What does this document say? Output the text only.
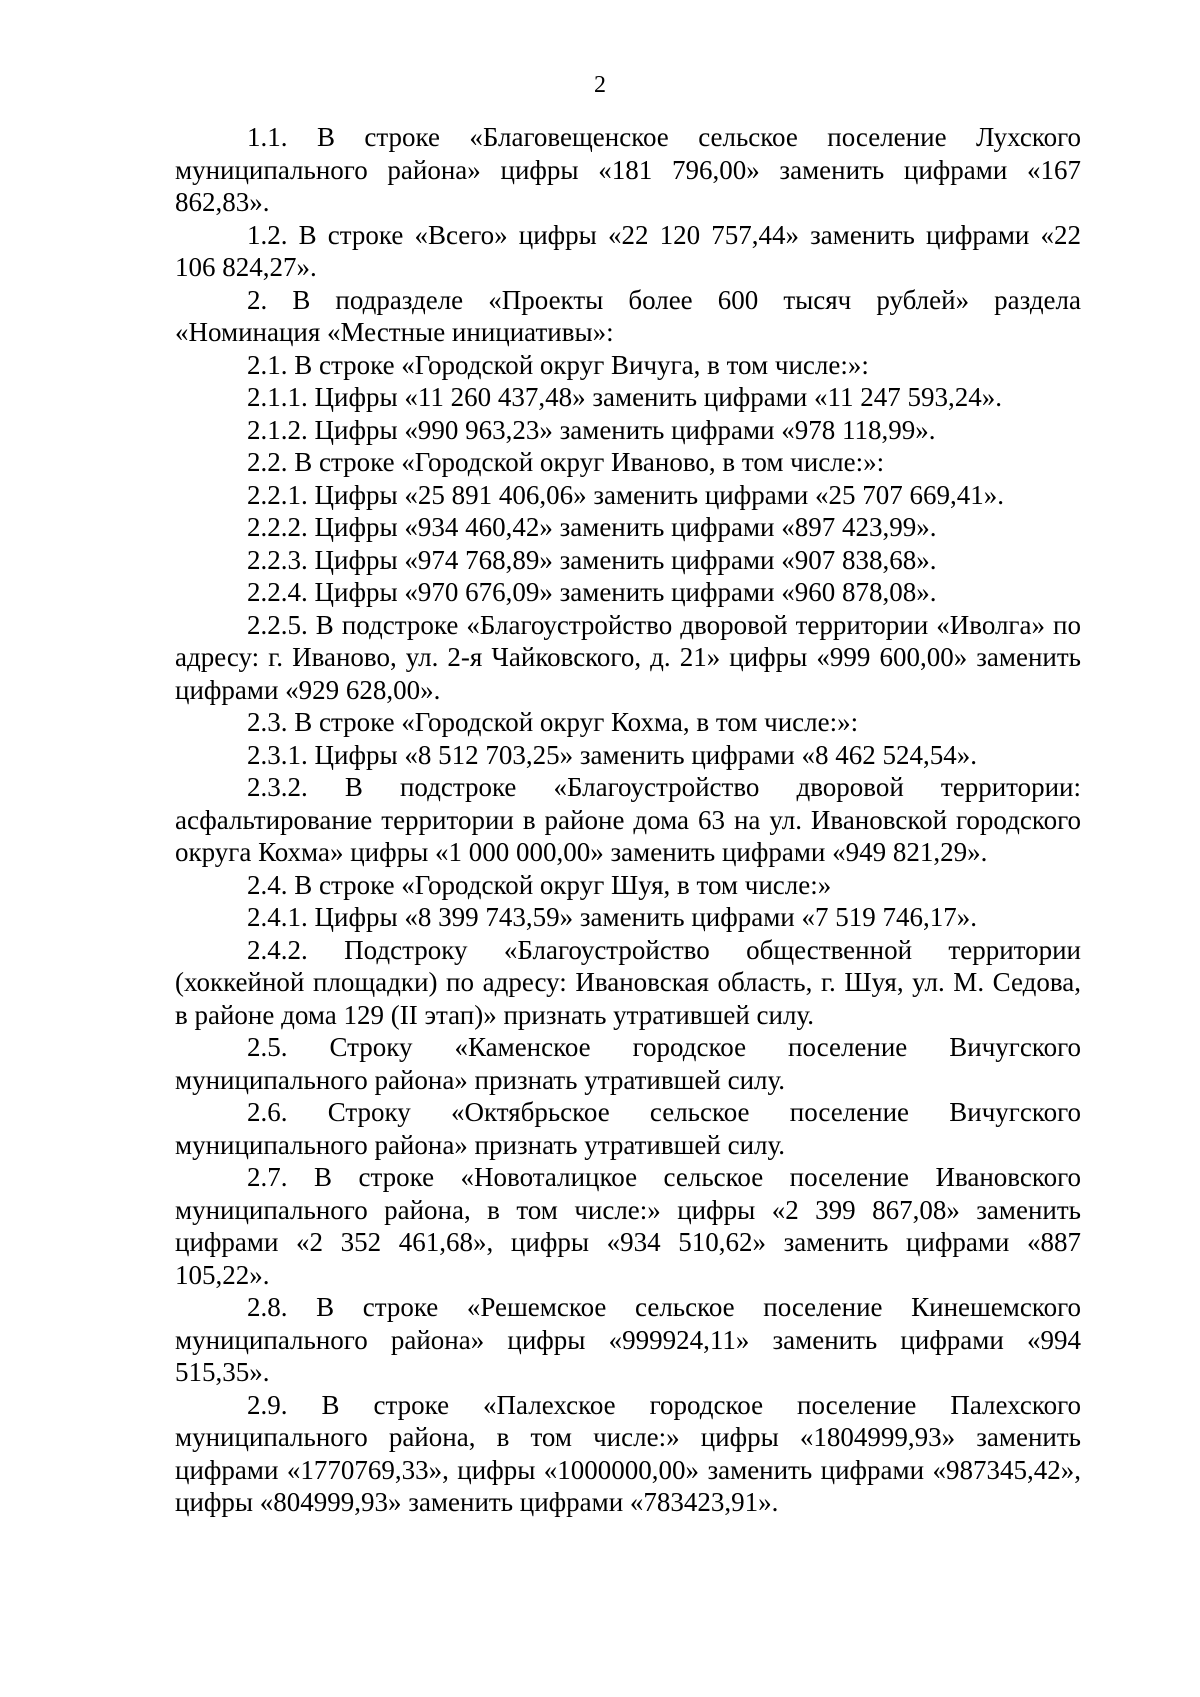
2

1.1. В строке «Благовещенское сельское поселение Лухского муниципального района» цифры «181 796,00» заменить цифрами «167 862,83».

1.2. В строке «Всего» цифры «22 120 757,44» заменить цифрами «22 106 824,27».

2. В подразделе «Проекты более 600 тысяч рублей» раздела «Номинация «Местные инициативы»:

2.1. В строке «Городской округ Вичуга, в том числе:»:

2.1.1. Цифры «11 260 437,48» заменить цифрами «11 247 593,24».

2.1.2. Цифры «990 963,23» заменить цифрами «978 118,99».

2.2. В строке «Городской округ Иваново, в том числе:»:

2.2.1. Цифры «25 891 406,06» заменить цифрами «25 707 669,41».

2.2.2. Цифры «934 460,42» заменить цифрами «897 423,99».

2.2.3. Цифры «974 768,89» заменить цифрами «907 838,68».

2.2.4. Цифры «970 676,09» заменить цифрами «960 878,08».

2.2.5. В подстроке «Благоустройство дворовой территории «Иволга» по адресу: г. Иваново, ул. 2-я Чайковского, д. 21» цифры «999 600,00» заменить цифрами «929 628,00».

2.3. В строке «Городской округ Кохма, в том числе:»:

2.3.1. Цифры «8 512 703,25» заменить цифрами «8 462 524,54».

2.3.2. В подстроке «Благоустройство дворовой территории: асфальтирование территории в районе дома 63 на ул. Ивановской городского округа Кохма» цифры «1 000 000,00» заменить цифрами «949 821,29».

2.4. В строке «Городской округ Шуя, в том числе:»

2.4.1. Цифры «8 399 743,59» заменить цифрами «7 519 746,17».

2.4.2. Подстроку «Благоустройство общественной территории (хоккейной площадки) по адресу: Ивановская область, г. Шуя, ул. М. Седова, в районе дома 129 (II этап)» признать утратившей силу.

2.5. Строку «Каменское городское поселение Вичугского муниципального района» признать утратившей силу.

2.6. Строку «Октябрьское сельское поселение Вичугского муниципального района» признать утратившей силу.

2.7. В строке «Новоталицкое сельское поселение Ивановского муниципального района, в том числе:» цифры «2 399 867,08» заменить цифрами «2 352 461,68», цифры «934 510,62» заменить цифрами «887 105,22».

2.8. В строке «Решемское сельское поселение Кинешемского муниципального района» цифры «999924,11» заменить цифрами «994 515,35».

2.9. В строке «Палехское городское поселение Палехского муниципального района, в том числе:» цифры «1804999,93» заменить цифрами «1770769,33», цифры «1000000,00» заменить цифрами «987345,42», цифры «804999,93» заменить цифрами «783423,91».
